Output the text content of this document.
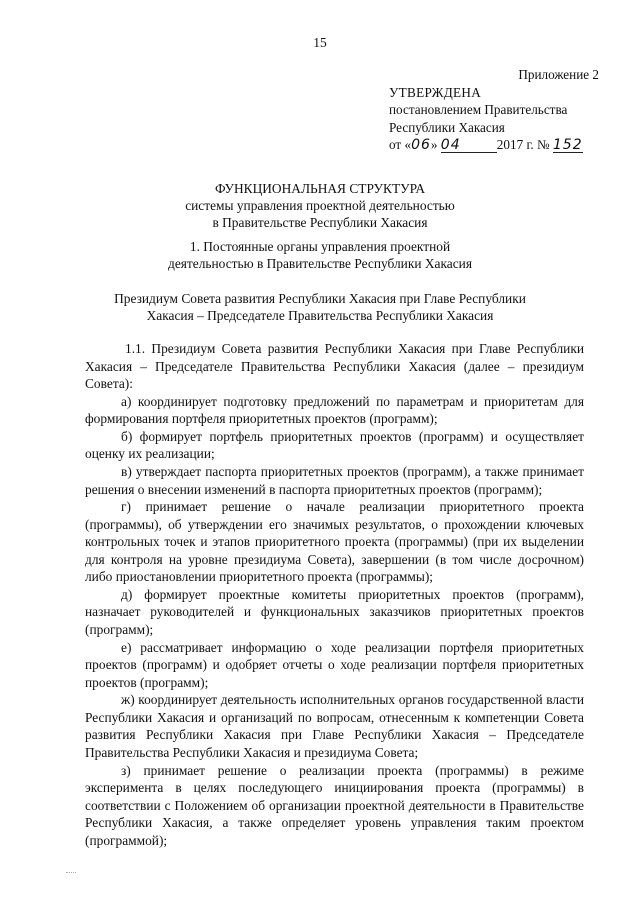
15
Приложение 2
УТВЕРЖДЕНА
постановлением Правительства
Республики Хакасия
от «06» 04	2017 г. № 152
ФУНКЦИОНАЛЬНАЯ СТРУКТУРА
системы управления проектной деятельностью
в Правительстве Республики Хакасия
1. Постоянные органы управления проектной
деятельностью в Правительстве Республики Хакасия
Президиум Совета развития Республики Хакасия при Главе Республики
Хакасия – Председателе Правительства Республики Хакасия

1.1. Президиум Совета развития Республики Хакасия при Главе Республики Хакасия – Председателе Правительства Республики Хакасия (далее – президиум Совета):

а) координирует подготовку предложений по параметрам и приоритетам для формирования портфеля приоритетных проектов (программ);

б) формирует портфель приоритетных проектов (программ) и осуществляет оценку их реализации;

в) утверждает паспорта приоритетных проектов (программ), а также принимает решения о внесении изменений в паспорта приоритетных проектов (программ);

г) принимает решение о начале реализации приоритетного проекта (программы), об утверждении его значимых результатов, о прохождении ключевых контрольных точек и этапов приоритетного проекта (программы) (при их выделении для контроля на уровне президиума Совета), завершении (в том числе досрочном) либо приостановлении приоритетного проекта (программы);

д) формирует проектные комитеты приоритетных проектов (программ), назначает руководителей и функциональных заказчиков приоритетных проектов (программ);

е) рассматривает информацию о ходе реализации портфеля приоритетных проектов (программ) и одобряет отчеты о ходе реализации портфеля приоритетных проектов (программ);

ж) координирует деятельность исполнительных органов государственной власти Республики Хакасия и организаций по вопросам, отнесенным к компетенции Совета развития Республики Хакасия при Главе Республики Хакасия – Председателе Правительства Республики Хакасия и президиума Совета;

з) принимает решение о реализации проекта (программы) в режиме эксперимента в целях последующего инициирования проекта (программы) в соответствии с Положением об организации проектной деятельности в Правительстве Республики Хакасия, а также определяет уровень управления таким проектом (программой);
